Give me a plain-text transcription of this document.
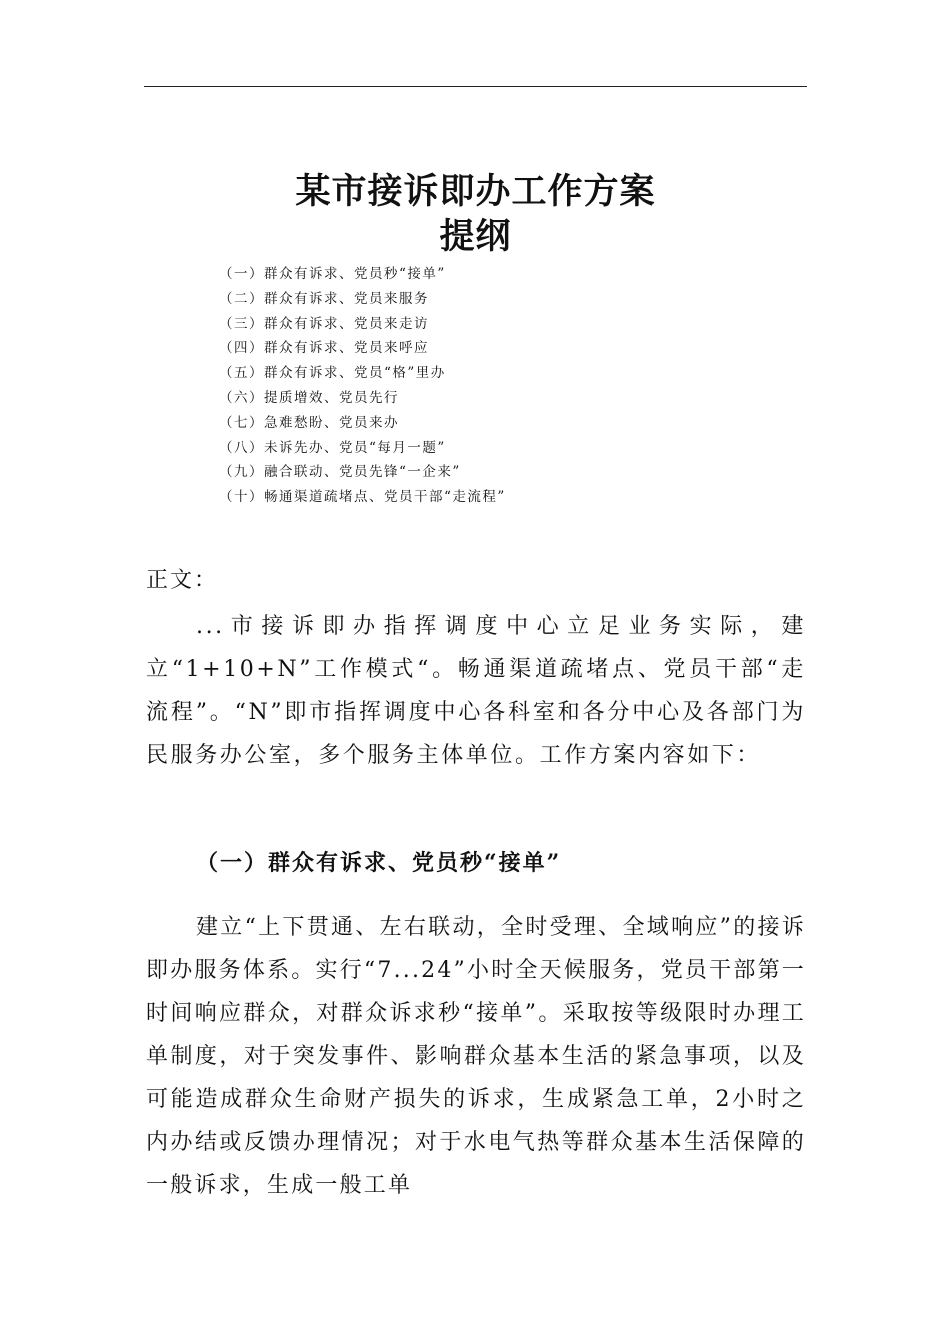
某市接诉即办工作方案
提纲
（一）群众有诉求、党员秒“接单”
（二）群众有诉求、党员来服务
（三）群众有诉求、党员来走访
（四）群众有诉求、党员来呼应
（五）群众有诉求、党员“格”里办
（六）提质增效、党员先行
（七）急难愁盼、党员来办
（八）未诉先办、党员“每月一题”
（九）融合联动、党员先锋“一企来”
（十）畅通渠道疏堵点、党员干部“走流程”
正文：

...市接诉即办指挥调度中心立足业务实际，建立“1+10+N”工作模式“。畅通渠道疏堵点、党员干部“走流程”。“N”即市指挥调度中心各科室和各分中心及各部门为民服务办公室，多个服务主体单位。工作方案内容如下：

（一）群众有诉求、党员秒“接单”

建立“上下贯通、左右联动，全时受理、全域响应”的接诉即办服务体系。实行“7...24”小时全天候服务，党员干部第一时间响应群众，对群众诉求秒“接单”。采取按等级限时办理工单制度，对于突发事件、影响群众基本生活的紧急事项，以及可能造成群众生命财产损失的诉求，生成紧急工单，2小时之内办结或反馈办理情况；对于水电气热等群众基本生活保障的一般诉求，生成一般工单
